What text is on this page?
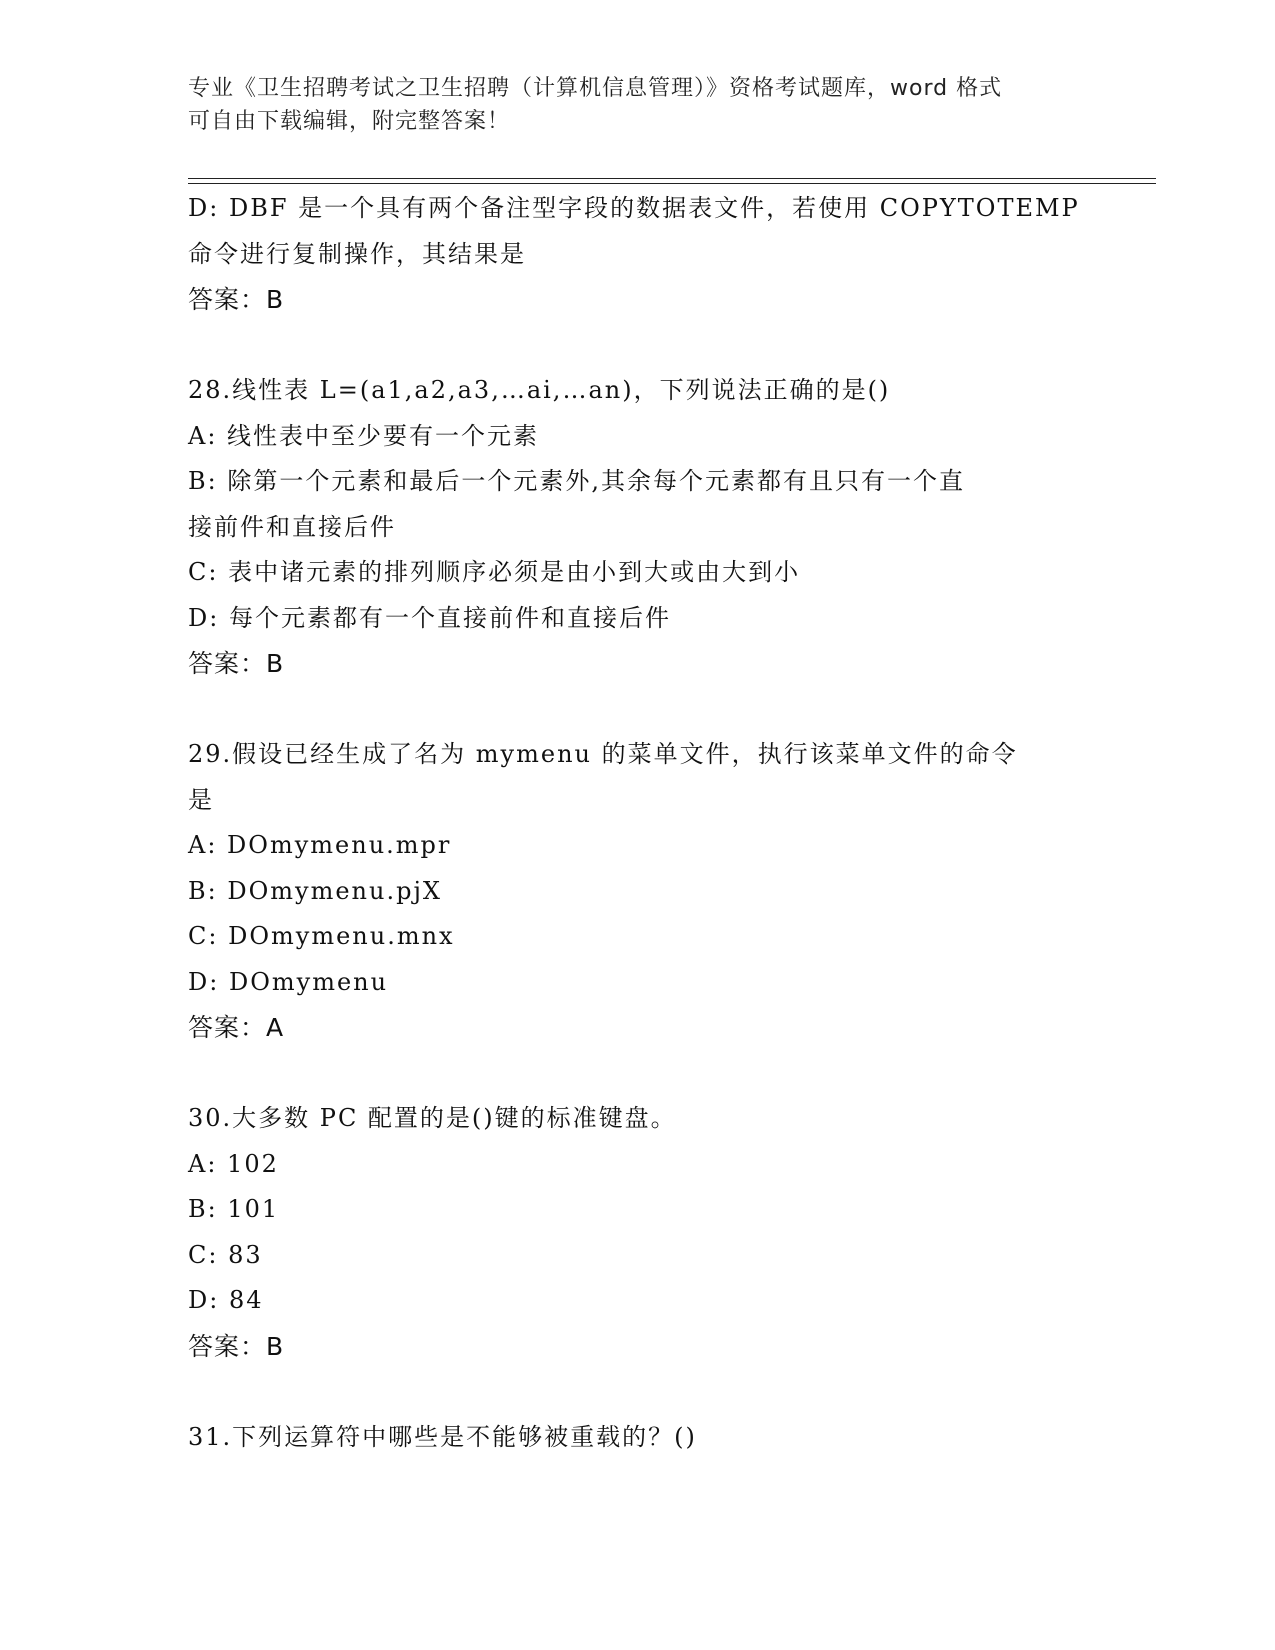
专业《卫生招聘考试之卫生招聘（计算机信息管理）》资格考试题库，word 格式
可自由下载编辑，附完整答案！
D: DBF 是一个具有两个备注型字段的数据表文件，若使用 COPYTOTEMP
命令进行复制操作，其结果是
答案：B
28.线性表 L=(a1,a2,a3,…ai,…an)，下列说法正确的是()
A: 线性表中至少要有一个元素
B: 除第一个元素和最后一个元素外,其余每个元素都有且只有一个直
接前件和直接后件
C: 表中诸元素的排列顺序必须是由小到大或由大到小
D: 每个元素都有一个直接前件和直接后件
答案：B
29.假设已经生成了名为 mymenu 的菜单文件，执行该菜单文件的命令
是
A: DOmymenu.mpr
B: DOmymenu.pjX
C: DOmymenu.mnx
D: DOmymenu
答案：A
30.大多数 PC 配置的是()键的标准键盘。
A: 102
B: 101
C: 83
D: 84
答案：B
31.下列运算符中哪些是不能够被重载的？()
